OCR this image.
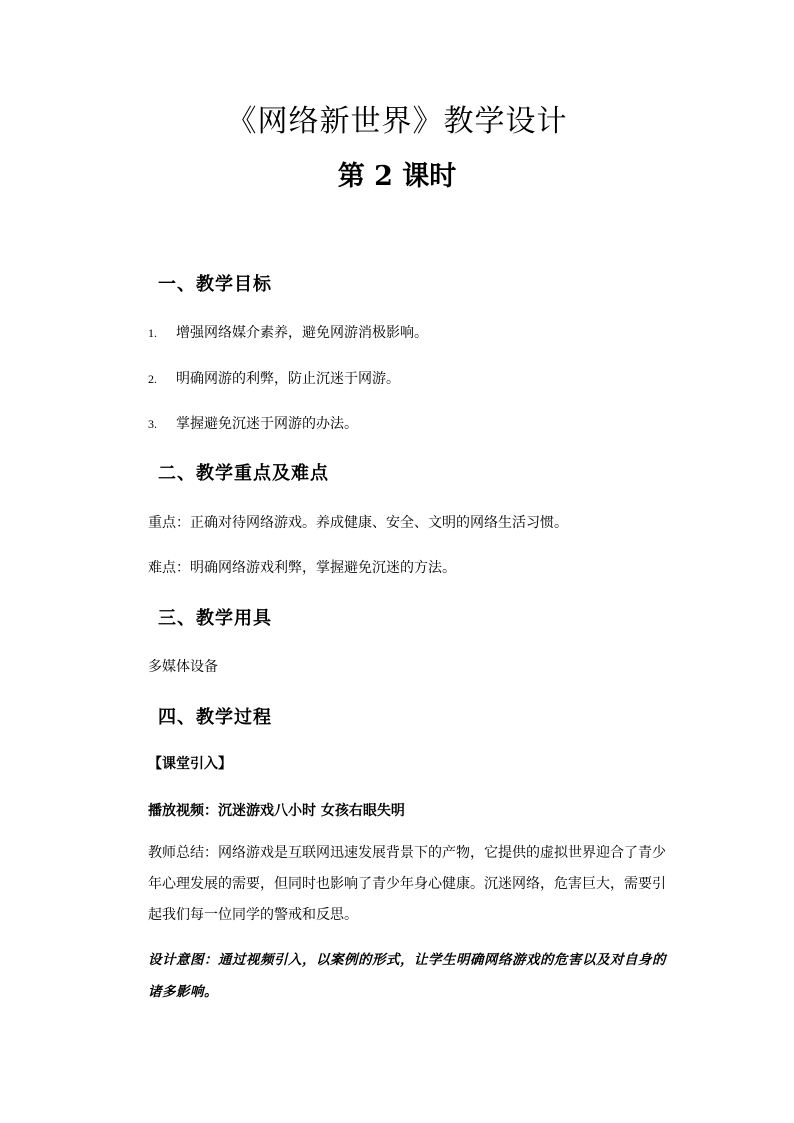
《网络新世界》教学设计
第 2 课时
一、教学目标

1. 增强网络媒介素养，避免网游消极影响。

2. 明确网游的利弊，防止沉迷于网游。

3. 掌握避免沉迷于网游的办法。

二、教学重点及难点

重点：正确对待网络游戏。养成健康、安全、文明的网络生活习惯。

难点：明确网络游戏利弊，掌握避免沉迷的方法。

三、教学用具

多媒体设备

四、教学过程

【课堂引入】

播放视频：沉迷游戏八小时 女孩右眼失明

教师总结：网络游戏是互联网迅速发展背景下的产物，它提供的虚拟世界迎合了青少年心理发展的需要，但同时也影响了青少年身心健康。沉迷网络，危害巨大，需要引起我们每一位同学的警戒和反思。

设计意图：通过视频引入，以案例的形式，让学生明确网络游戏的危害以及对自身的诸多影响。
